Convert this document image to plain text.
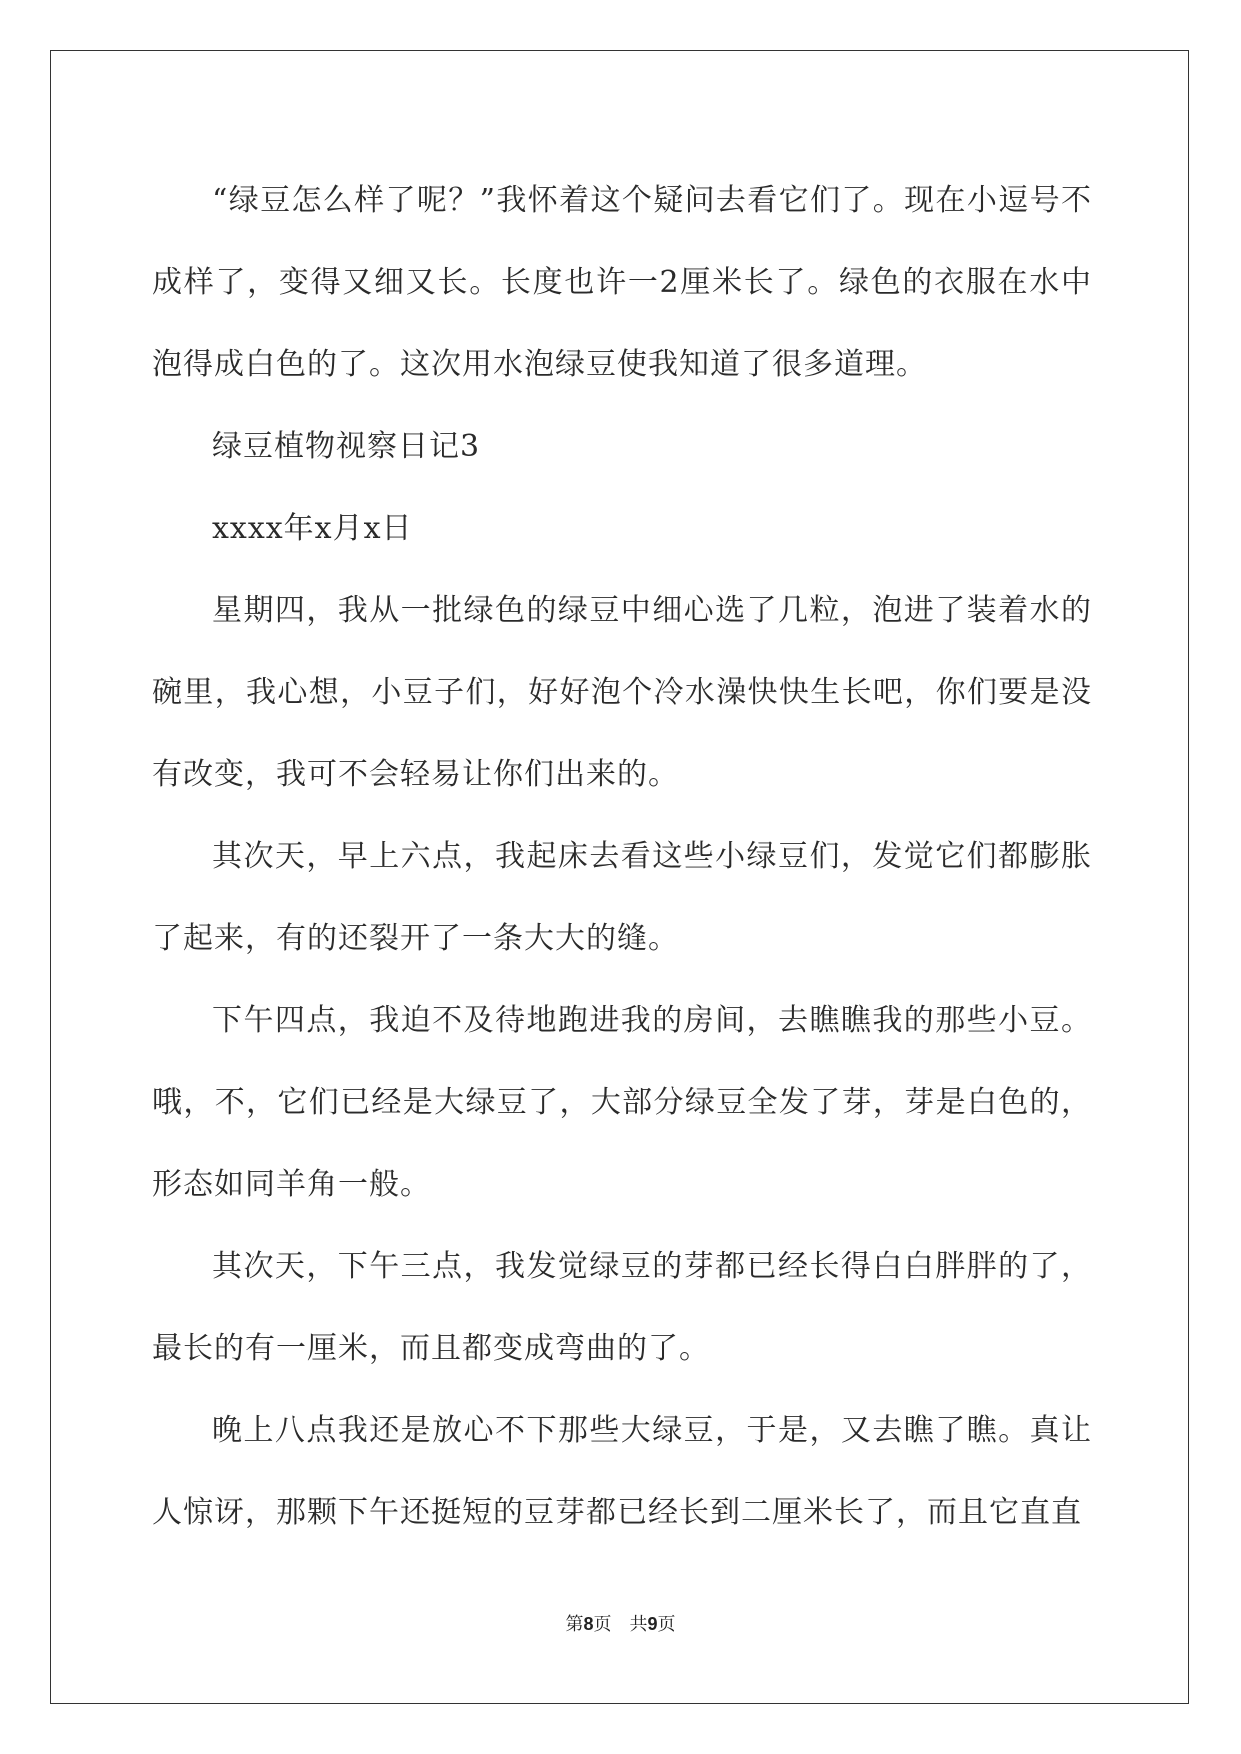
“绿豆怎么样了呢？”我怀着这个疑问去看它们了。现在小逗号不成样了，变得又细又长。长度也许一2厘米长了。绿色的衣服在水中泡得成白色的了。这次用水泡绿豆使我知道了很多道理。

绿豆植物视察日记3

xxxx年x月x日

星期四，我从一批绿色的绿豆中细心选了几粒，泡进了装着水的碗里，我心想，小豆子们，好好泡个冷水澡快快生长吧，你们要是没有改变，我可不会轻易让你们出来的。

其次天，早上六点，我起床去看这些小绿豆们，发觉它们都膨胀了起来，有的还裂开了一条大大的缝。

下午四点，我迫不及待地跑进我的房间，去瞧瞧我的那些小豆。哦，不，它们已经是大绿豆了，大部分绿豆全发了芽，芽是白色的，形态如同羊角一般。

其次天，下午三点，我发觉绿豆的芽都已经长得白白胖胖的了，最长的有一厘米，而且都变成弯曲的了。

晚上八点我还是放心不下那些大绿豆，于是，又去瞧了瞧。真让人惊讶，那颗下午还挺短的豆芽都已经长到二厘米长了，而且它直直

第8页 共9页
